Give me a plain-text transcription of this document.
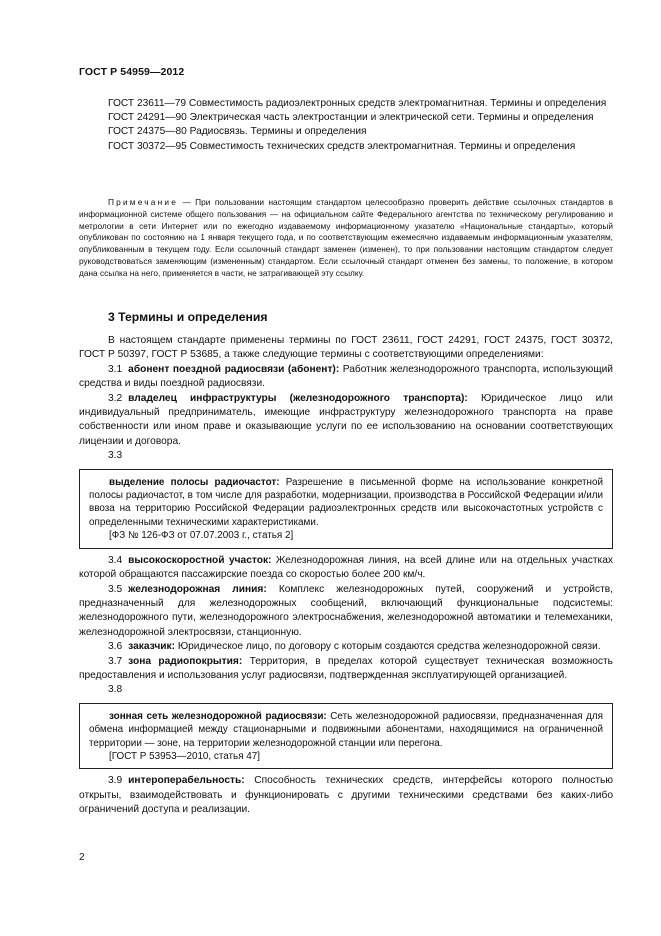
ГОСТ Р 54959—2012

ГОСТ 23611—79 Совместимость радиоэлектронных средств электромагнитная. Термины и определения

ГОСТ 24291—90 Электрическая часть электростанции и электрической сети. Термины и определения

ГОСТ 24375—80 Радиосвязь. Термины и определения

ГОСТ 30372—95 Совместимость технических средств электромагнитная. Термины и определения

Примечание — При пользовании настоящим стандартом целесообразно проверить действие ссылочных стандартов в информационной системе общего пользования — на официальном сайте Федерального агентства по техническому регулированию и метрологии в сети Интернет или по ежегодно издаваемому информационному указателю «Национальные стандарты», который опубликован по состоянию на 1 января текущего года, и по соответствующим ежемесячно издаваемым информационным указателям, опубликованным в текущем году. Если ссылочный стандарт заменен (изменен), то при пользовании настоящим стандартом следует руководствоваться заменяющим (измененным) стандартом. Если ссылочный стандарт отменен без замены, то положение, в котором дана ссылка на него, применяется в части, не затрагивающей эту ссылку.

3 Термины и определения

В настоящем стандарте применены термины по ГОСТ 23611, ГОСТ 24291, ГОСТ 24375, ГОСТ 30372, ГОСТ Р 50397, ГОСТ Р 53685, а также следующие термины с соответствующими определениями:

3.1 абонент поездной радиосвязи (абонент): Работник железнодорожного транспорта, использующий средства и виды поездной радиосвязи.

3.2 владелец инфраструктуры (железнодорожного транспорта): Юридическое лицо или индивидуальный предприниматель, имеющие инфраструктуру железнодорожного транспорта на праве собственности или ином праве и оказывающие услуги по ее использованию на основании соответствующих лицензии и договора.

3.3

выделение полосы радиочастот: Разрешение в письменной форме на использование конкретной полосы радиочастот, в том числе для разработки, модернизации, производства в Российской Федерации и/или ввоза на территорию Российской Федерации радиоэлектронных средств или высокочастотных устройств с определенными техническими характеристиками.

[ФЗ № 126-ФЗ от 07.07.2003 г., статья 2]

3.4 высокоскоростной участок: Железнодорожная линия, на всей длине или на отдельных участках которой обращаются пассажирские поезда со скоростью более 200 км/ч.

3.5 железнодорожная линия: Комплекс железнодорожных путей, сооружений и устройств, предназначенный для железнодорожных сообщений, включающий функциональные подсистемы: железнодорожного пути, железнодорожного электроснабжения, железнодорожной автоматики и телемеханики, железнодорожной электросвязи, станционную.

3.6 заказчик: Юридическое лицо, по договору с которым создаются средства железнодорожной связи.

3.7 зона радиопокрытия: Территория, в пределах которой существует техническая возможность предоставления и использования услуг радиосвязи, подтвержденная эксплуатирующей организацией.

3.8

зонная сеть железнодорожной радиосвязи: Сеть железнодорожной радиосвязи, предназначенная для обмена информацией между стационарными и подвижными абонентами, находящимися на ограниченной территории — зоне, на территории железнодорожной станции или перегона.

[ГОСТ Р 53953—2010, статья 47]

3.9 интероперабельность: Способность технических средств, интерфейсы которого полностью открыты, взаимодействовать и функционировать с другими техническими средствами без каких-либо ограничений доступа и реализации.

2
